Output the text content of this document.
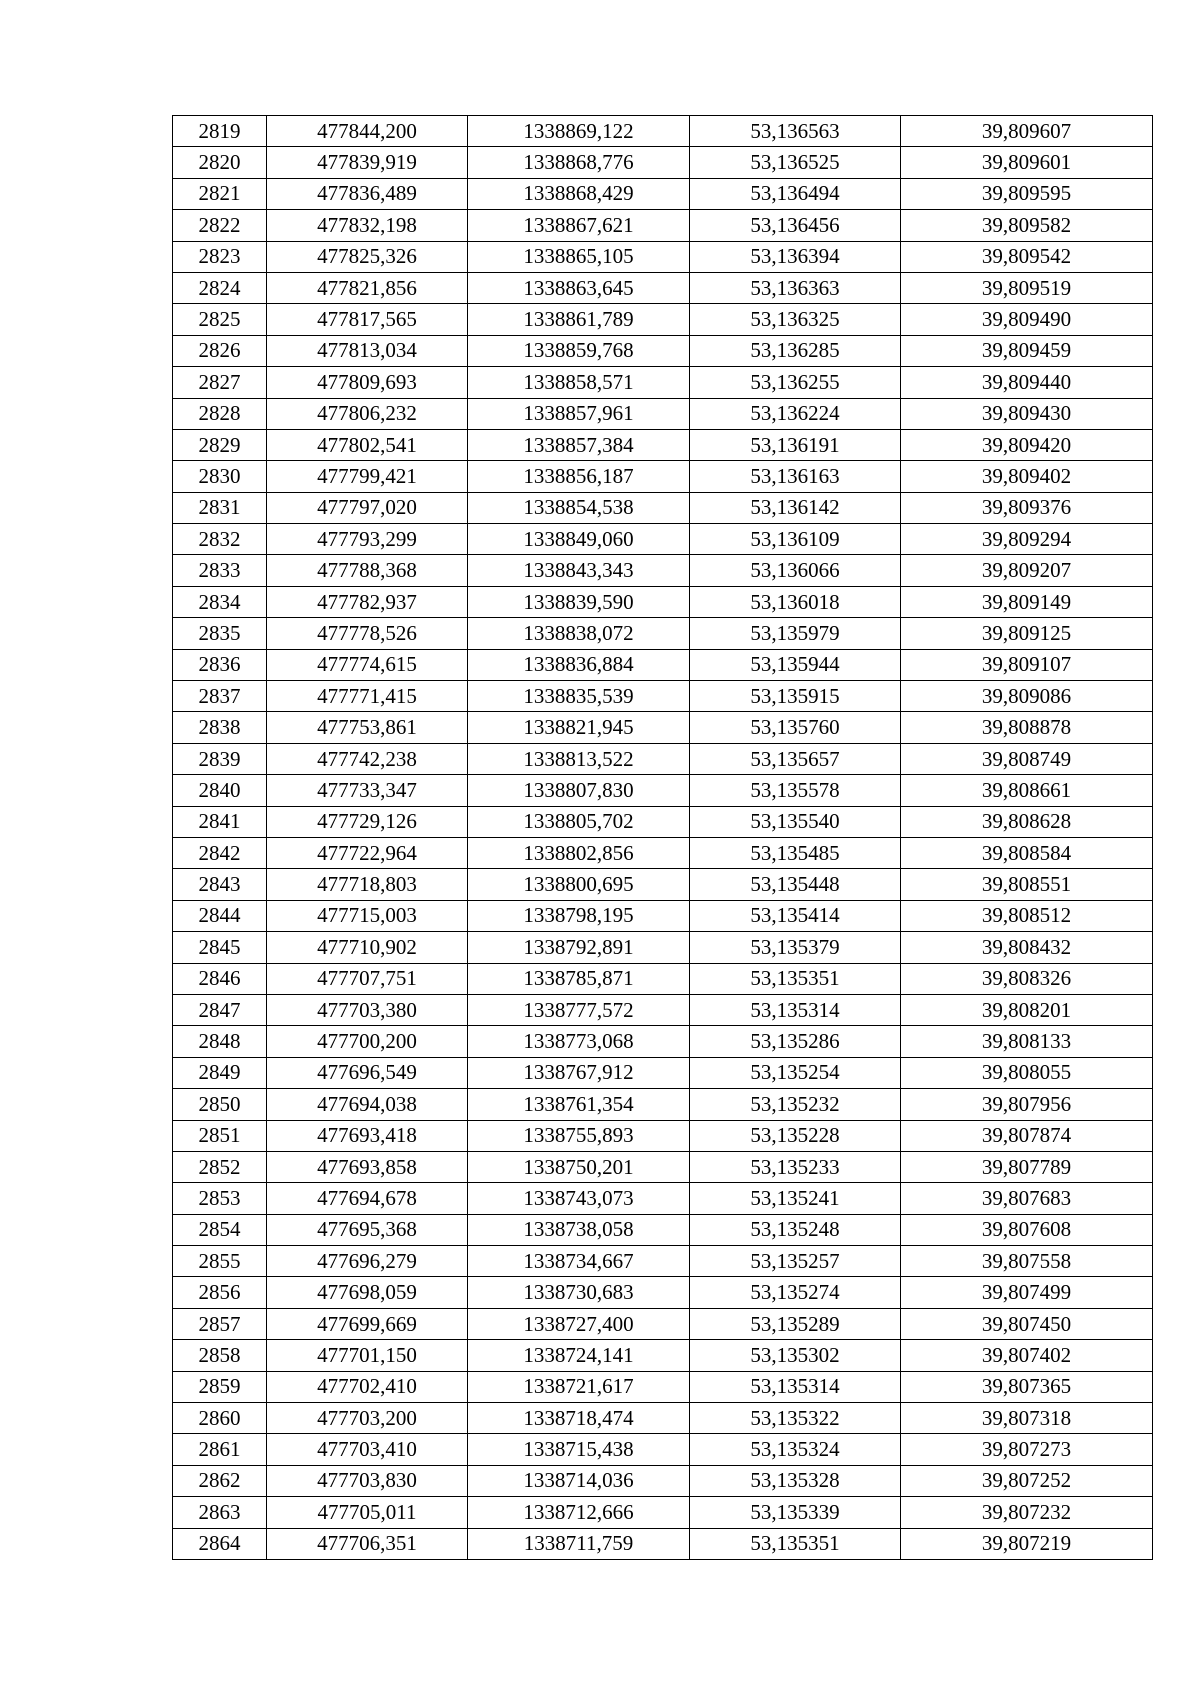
2819	477844,200	1338869,122	53,136563	39,809607
2820	477839,919	1338868,776	53,136525	39,809601
2821	477836,489	1338868,429	53,136494	39,809595
2822	477832,198	1338867,621	53,136456	39,809582
2823	477825,326	1338865,105	53,136394	39,809542
2824	477821,856	1338863,645	53,136363	39,809519
2825	477817,565	1338861,789	53,136325	39,809490
2826	477813,034	1338859,768	53,136285	39,809459
2827	477809,693	1338858,571	53,136255	39,809440
2828	477806,232	1338857,961	53,136224	39,809430
2829	477802,541	1338857,384	53,136191	39,809420
2830	477799,421	1338856,187	53,136163	39,809402
2831	477797,020	1338854,538	53,136142	39,809376
2832	477793,299	1338849,060	53,136109	39,809294
2833	477788,368	1338843,343	53,136066	39,809207
2834	477782,937	1338839,590	53,136018	39,809149
2835	477778,526	1338838,072	53,135979	39,809125
2836	477774,615	1338836,884	53,135944	39,809107
2837	477771,415	1338835,539	53,135915	39,809086
2838	477753,861	1338821,945	53,135760	39,808878
2839	477742,238	1338813,522	53,135657	39,808749
2840	477733,347	1338807,830	53,135578	39,808661
2841	477729,126	1338805,702	53,135540	39,808628
2842	477722,964	1338802,856	53,135485	39,808584
2843	477718,803	1338800,695	53,135448	39,808551
2844	477715,003	1338798,195	53,135414	39,808512
2845	477710,902	1338792,891	53,135379	39,808432
2846	477707,751	1338785,871	53,135351	39,808326
2847	477703,380	1338777,572	53,135314	39,808201
2848	477700,200	1338773,068	53,135286	39,808133
2849	477696,549	1338767,912	53,135254	39,808055
2850	477694,038	1338761,354	53,135232	39,807956
2851	477693,418	1338755,893	53,135228	39,807874
2852	477693,858	1338750,201	53,135233	39,807789
2853	477694,678	1338743,073	53,135241	39,807683
2854	477695,368	1338738,058	53,135248	39,807608
2855	477696,279	1338734,667	53,135257	39,807558
2856	477698,059	1338730,683	53,135274	39,807499
2857	477699,669	1338727,400	53,135289	39,807450
2858	477701,150	1338724,141	53,135302	39,807402
2859	477702,410	1338721,617	53,135314	39,807365
2860	477703,200	1338718,474	53,135322	39,807318
2861	477703,410	1338715,438	53,135324	39,807273
2862	477703,830	1338714,036	53,135328	39,807252
2863	477705,011	1338712,666	53,135339	39,807232
2864	477706,351	1338711,759	53,135351	39,807219
